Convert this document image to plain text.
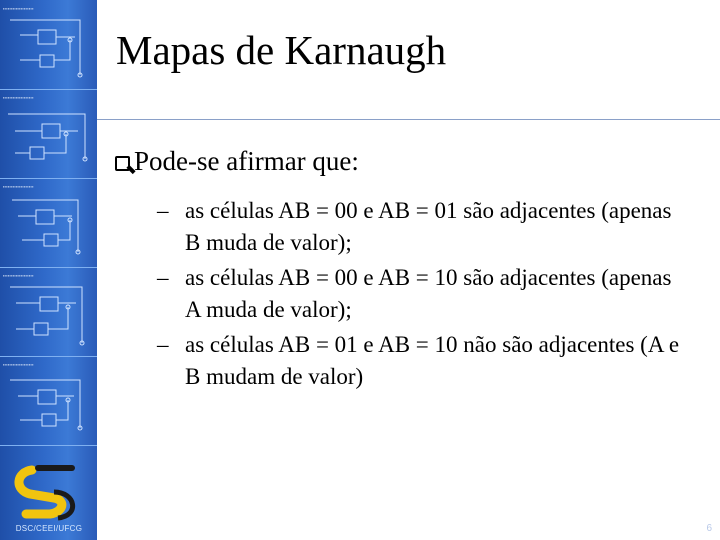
▪▪▪▪▪▪▪▪▪▪▪▪▪▪▪▪▪▪▪
▪▪▪▪▪▪▪▪▪▪▪▪▪▪▪▪▪▪▪
▪▪▪▪▪▪▪▪▪▪▪▪▪▪▪▪▪▪▪
▪▪▪▪▪▪▪▪▪▪▪▪▪▪▪▪▪▪▪
▪▪▪▪▪▪▪▪▪▪▪▪▪▪▪▪▪▪▪
DSC/CEEI/UFCG
Mapas de Karnaugh
Pode-se afirmar que:
– as células AB = 00 e AB = 01 são adjacentes (apenas B muda de valor);
– as células AB = 00 e AB = 10 são adjacentes (apenas A muda de valor);
– as células AB = 01 e AB = 10 não são adjacentes (A e B mudam de valor)
6
